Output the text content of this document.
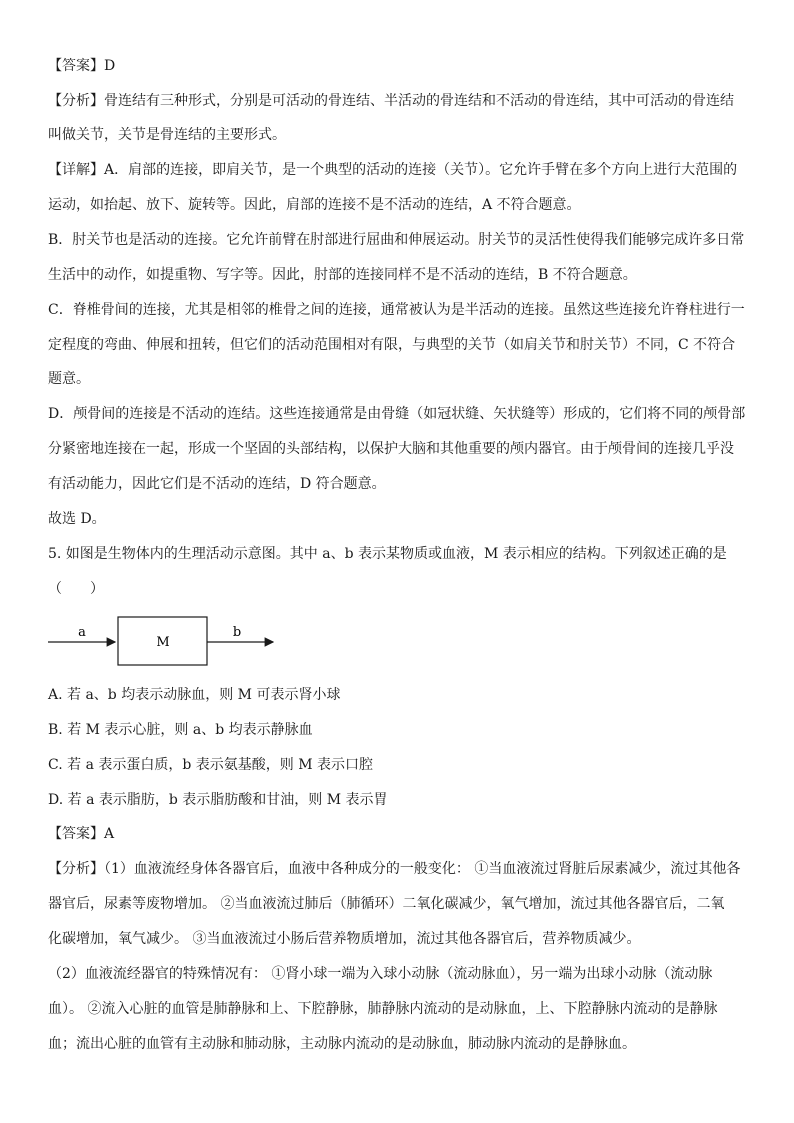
【答案】D
【分析】骨连结有三种形式，分别是可活动的骨连结、半活动的骨连结和不活动的骨连结，其中可活动的骨连结
叫做关节，关节是骨连结的主要形式。
【详解】A．肩部的连接，即肩关节，是一个典型的活动的连接（关节）。它允许手臂在多个方向上进行大范围的
运动，如抬起、放下、旋转等。因此，肩部的连接不是不活动的连结，A 不符合题意。
B．肘关节也是活动的连接。它允许前臂在肘部进行屈曲和伸展运动。肘关节的灵活性使得我们能够完成许多日常
生活中的动作，如提重物、写字等。因此，肘部的连接同样不是不活动的连结，B 不符合题意。
C．脊椎骨间的连接，尤其是相邻的椎骨之间的连接，通常被认为是半活动的连接。虽然这些连接允许脊柱进行一
定程度的弯曲、伸展和扭转，但它们的活动范围相对有限，与典型的关节（如肩关节和肘关节）不同，C 不符合
题意。
D．颅骨间的连接是不活动的连结。这些连接通常是由骨缝（如冠状缝、矢状缝等）形成的，它们将不同的颅骨部
分紧密地连接在一起，形成一个坚固的头部结构，以保护大脑和其他重要的颅内器官。由于颅骨间的连接几乎没
有活动能力，因此它们是不活动的连结，D 符合题意。
故选 D。
5. 如图是生物体内的生理活动示意图。其中 a、b 表示某物质或血液，M 表示相应的结构。下列叙述正确的是
（　　）
A. 若 a、b 均表示动脉血，则 M 可表示肾小球
B. 若 M 表示心脏，则 a、b 均表示静脉血
C. 若 a 表示蛋白质，b 表示氨基酸，则 M 表示口腔
D. 若 a 表示脂肪，b 表示脂肪酸和甘油，则 M 表示胃
【答案】A
【分析】（1）血液流经身体各器官后，血液中各种成分的一般变化： ①当血液流过肾脏后尿素减少，流过其他各
器官后，尿素等废物增加。 ②当血液流过肺后（肺循环）二氧化碳减少，氧气增加，流过其他各器官后，二氧
化碳增加，氧气减少。 ③当血液流过小肠后营养物质增加，流过其他各器官后，营养物质减少。
（2）血液流经器官的特殊情况有： ①肾小球一端为入球小动脉（流动脉血），另一端为出球小动脉（流动脉
血）。 ②流入心脏的血管是肺静脉和上、下腔静脉，肺静脉内流动的是动脉血，上、下腔静脉内流动的是静脉
血；流出心脏的血管有主动脉和肺动脉，主动脉内流动的是动脉血，肺动脉内流动的是静脉血。
a
M
b
